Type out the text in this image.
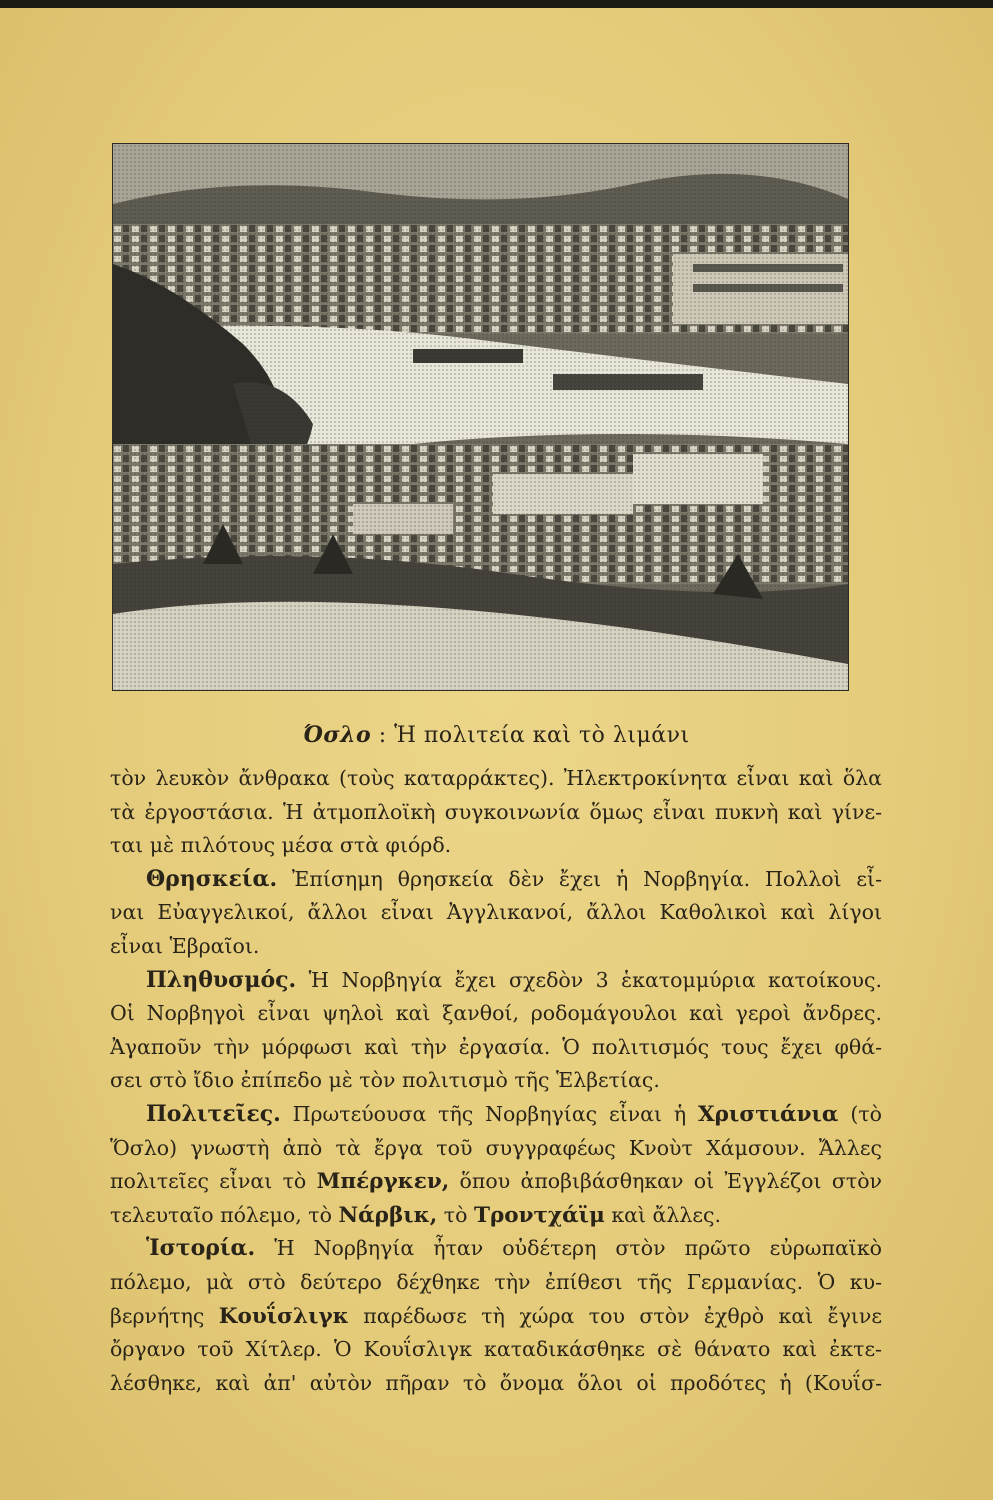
Όσλο : Ἡ πολιτεία καὶ τὸ λιμάνι
τὸν λευκὸν ἄνθρακα (τοὺς καταρράκτες). Ἠλεκτροκίνητα εἶναι καὶ ὅλα
τὰ ἐργοστάσια. Ἡ ἀτμοπλοϊκὴ συγκοινωνία ὅμως εἶναι πυκνὴ καὶ γίνε-
ται μὲ πιλότους μέσα στὰ φιόρδ.
Θρησκεία. Ἐπίσημη θρησκεία δὲν ἔχει ἡ Νορβηγία. Πολλοὶ εἶ-
ναι Εὐαγγελικοί, ἄλλοι εἶναι Ἀγγλικανοί, ἄλλοι Καθολικοὶ καὶ λίγοι
εἶναι Ἑβραῖοι.
Πληθυσμός. Ἡ Νορβηγία ἔχει σχεδὸν 3 ἑκατομμύρια κατοίκους.
Οἱ Νορβηγοὶ εἶναι ψηλοὶ καὶ ξανθοί, ροδομάγουλοι καὶ γεροὶ ἄνδρες.
Ἀγαποῦν τὴν μόρφωσι καὶ τὴν ἐργασία. Ὁ πολιτισμός τους ἔχει φθά-
σει στὸ ἴδιο ἐπίπεδο μὲ τὸν πολιτισμὸ τῆς Ἑλβετίας.
Πολιτεῖες. Πρωτεύουσα τῆς Νορβηγίας εἶναι ἡ Χριστιάνια (τὸ
Ὅσλο) γνωστὴ ἀπὸ τὰ ἔργα τοῦ συγγραφέως Κνοὺτ Χάμσουν. Ἄλλες
πολιτεῖες εἶναι τὸ Μπέργκεν, ὅπου ἀποβιβάσθηκαν οἱ Ἐγγλέζοι στὸν
τελευταῖο πόλεμο, τὸ Νάρβικ, τὸ Τροντχάϊμ καὶ ἄλλες.
Ἱστορία. Ἡ Νορβηγία ἦταν οὐδέτερη στὸν πρῶτο εὐρωπαϊκὸ
πόλεμο, μὰ στὸ δεύτερο δέχθηκε τὴν ἐπίθεσι τῆς Γερμανίας. Ὁ κυ-
βερνήτης Κουΐσλιγκ παρέδωσε τὴ χώρα του στὸν ἐχθρὸ καὶ ἔγινε
ὄργανο τοῦ Χίτλερ. Ὁ Κουΐσλιγκ καταδικάσθηκε σὲ θάνατο καὶ ἐκτε-
λέσθηκε, καὶ ἀπ' αὐτὸν πῆραν τὸ ὄνομα ὅλοι οἱ προδότες ἡ (Κουΐσ-
